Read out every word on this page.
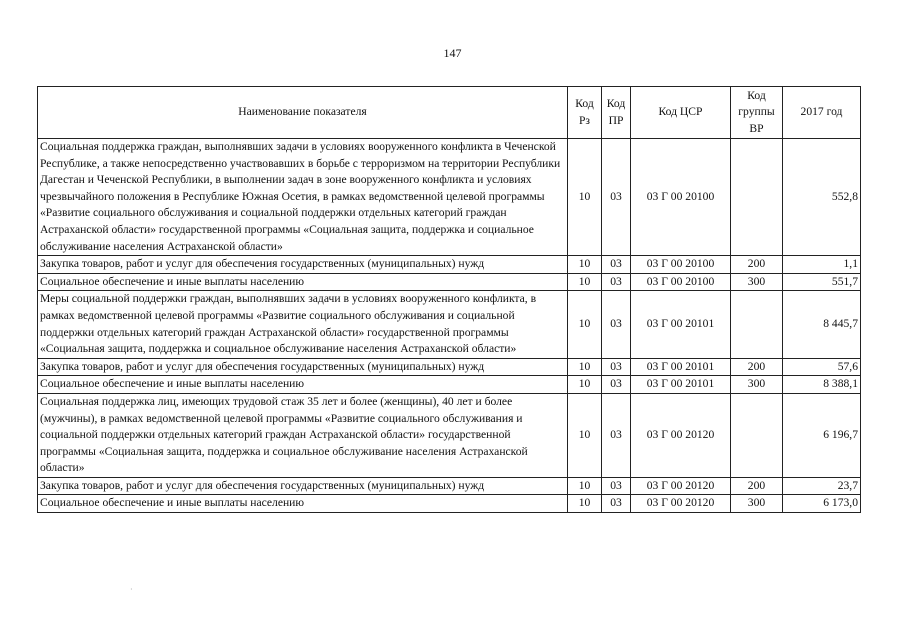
147
Наименование показателя	Код Рз	Код ПР	Код ЦСР	Код группы ВР	2017 год
Социальная поддержка граждан, выполнявших задачи в условиях вооруженного конфликта в Чеченской Республике, а также непосредственно участвовавших в борьбе с терроризмом на территории Республики Дагестан и Чеченской Республики, в выполнении задач в зоне вооруженного конфликта и условиях чрезвычайного положения в Республике Южная Осетия, в рамках ведомственной целевой программы «Развитие социального обслуживания и социальной поддержки отдельных категорий граждан Астраханской области» государственной программы «Социальная защита, поддержка и социальное обслуживание населения Астраханской области»	10	03	03 Г 00 20100		552,8
Закупка товаров, работ и услуг для обеспечения государственных (муниципальных) нужд	10	03	03 Г 00 20100	200	1,1
Социальное обеспечение и иные выплаты населению	10	03	03 Г 00 20100	300	551,7
Меры социальной поддержки граждан, выполнявших задачи в условиях вооруженного конфликта, в рамках ведомственной целевой программы «Развитие социального обслуживания и социальной поддержки отдельных категорий граждан Астраханской области» государственной программы «Социальная защита, поддержка и социальное обслуживание населения Астраханской области»	10	03	03 Г 00 20101		8 445,7
Закупка товаров, работ и услуг для обеспечения государственных (муниципальных) нужд	10	03	03 Г 00 20101	200	57,6
Социальное обеспечение и иные выплаты населению	10	03	03 Г 00 20101	300	8 388,1
Социальная поддержка лиц, имеющих трудовой стаж 35 лет и более (женщины), 40 лет и более (мужчины), в рамках ведомственной целевой программы «Развитие социального обслуживания и социальной поддержки отдельных категорий граждан Астраханской области» государственной программы «Социальная защита, поддержка и социальное обслуживание населения Астраханской области»	10	03	03 Г 00 20120		6 196,7
Закупка товаров, работ и услуг для обеспечения государственных (муниципальных) нужд	10	03	03 Г 00 20120	200	23,7
Социальное обеспечение и иные выплаты населению	10	03	03 Г 00 20120	300	6 173,0
·
